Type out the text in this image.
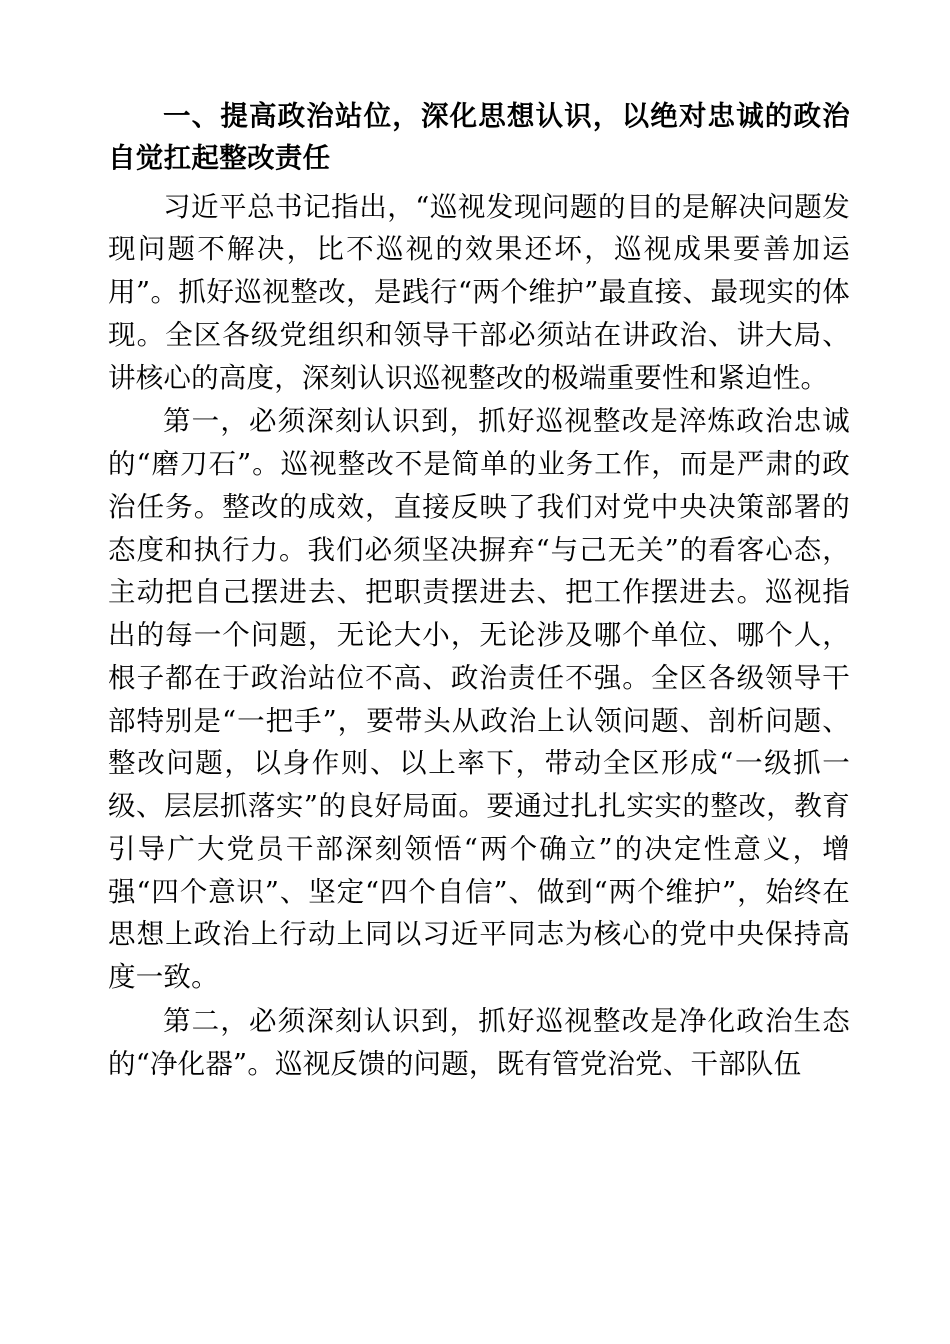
一、提高政治站位，深化思想认识，以绝对忠诚的政治自觉扛起整改责任

习近平总书记指出，“巡视发现问题的目的是解决问题发现问题不解决，比不巡视的效果还坏，巡视成果要善加运用”。抓好巡视整改，是践行“两个维护”最直接、最现实的体现。全区各级党组织和领导干部必须站在讲政治、讲大局、讲核心的高度，深刻认识巡视整改的极端重要性和紧迫性。

第一，必须深刻认识到，抓好巡视整改是淬炼政治忠诚的“磨刀石”。巡视整改不是简单的业务工作，而是严肃的政治任务。整改的成效，直接反映了我们对党中央决策部署的态度和执行力。我们必须坚决摒弃“与己无关”的看客心态，主动把自己摆进去、把职责摆进去、把工作摆进去。巡视指出的每一个问题，无论大小，无论涉及哪个单位、哪个人，根子都在于政治站位不高、政治责任不强。全区各级领导干部特别是“一把手”，要带头从政治上认领问题、剖析问题、整改问题，以身作则、以上率下，带动全区形成“一级抓一级、层层抓落实”的良好局面。要通过扎扎实实的整改，教育引导广大党员干部深刻领悟“两个确立”的决定性意义，增强“四个意识”、坚定“四个自信”、做到“两个维护”，始终在思想上政治上行动上同以习近平同志为核心的党中央保持高度一致。

第二，必须深刻认识到，抓好巡视整改是净化政治生态的“净化器”。巡视反馈的问题，既有管党治党、干部队伍
